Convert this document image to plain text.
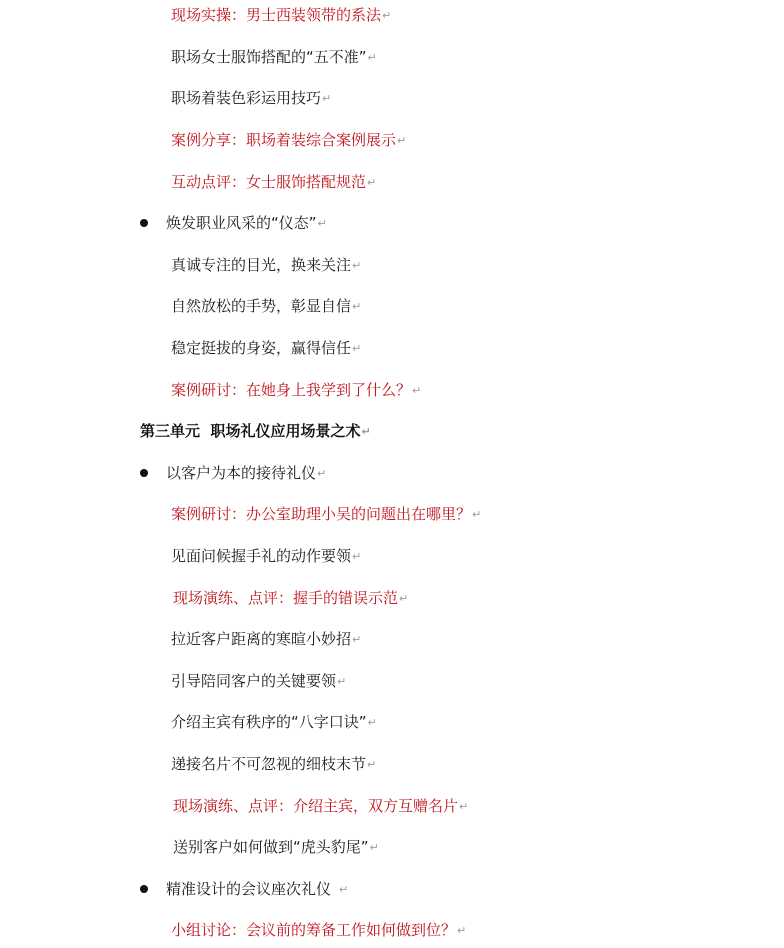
现场实操：男士西装领带的系法↵
职场女士服饰搭配的“五不准”↵
职场着装色彩运用技巧↵
案例分享：职场着装综合案例展示↵
互动点评：女士服饰搭配规范↵
焕发职业风采的“仪态”↵
真诚专注的目光，换来关注↵
自然放松的手势，彰显自信↵
稳定挺拔的身姿，赢得信任↵
案例研讨：在她身上我学到了什么？↵
第三单元  职场礼仪应用场景之术↵
以客户为本的接待礼仪↵
案例研讨：办公室助理小吴的问题出在哪里？↵
见面问候握手礼的动作要领↵
现场演练、点评：握手的错误示范↵
拉近客户距离的寒暄小妙招↵
引导陪同客户的关键要领↵
介绍主宾有秩序的“八字口诀”↵
递接名片不可忽视的细枝末节↵
现场演练、点评：介绍主宾，双方互赠名片↵
送别客户如何做到“虎头豹尾”↵
精准设计的会议座次礼仪 ↵
小组讨论：会议前的筹备工作如何做到位？↵
